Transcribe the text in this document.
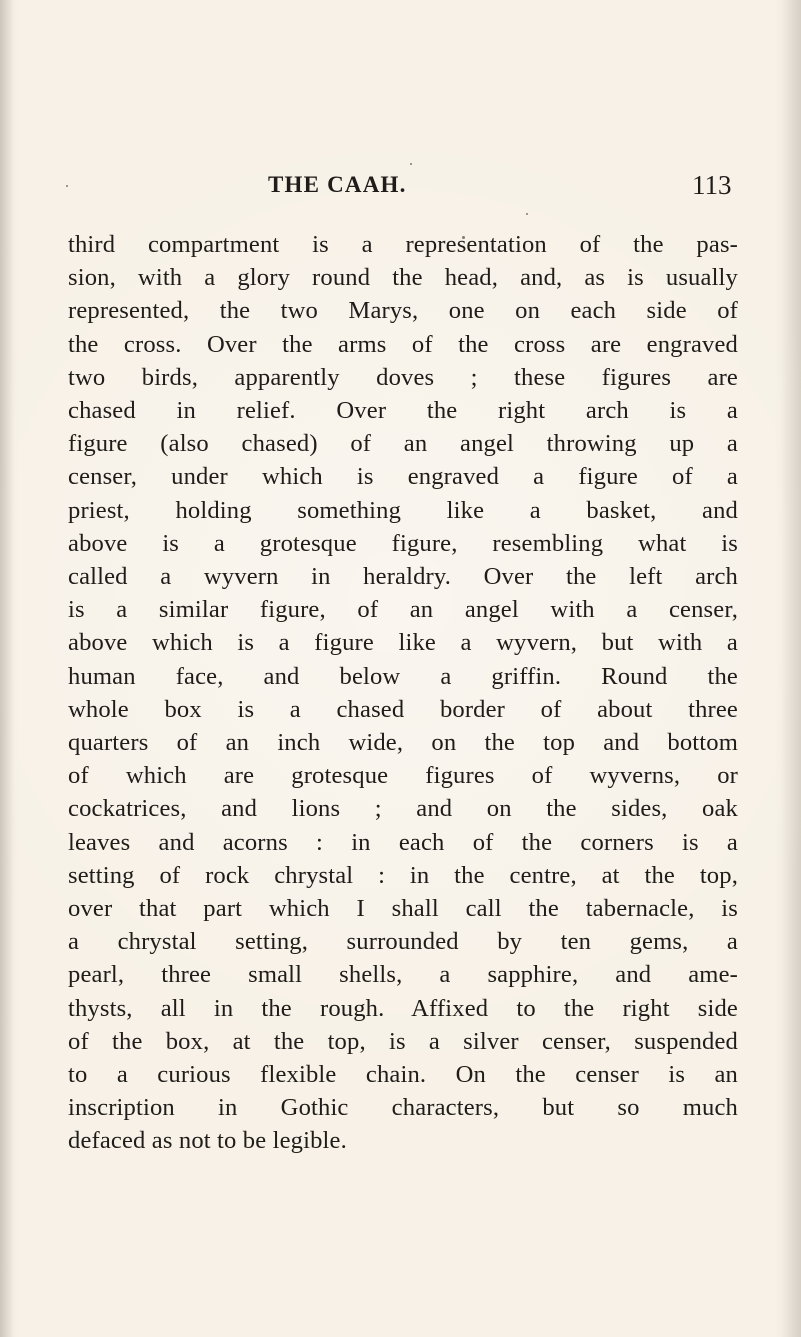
THE CAAH.	113
third compartment is a representation of the pas-
sion, with a glory round the head, and, as is usually
represented, the two Marys, one on each side of
the cross. Over the arms of the cross are engraved
two birds, apparently doves ; these figures are
chased in relief. Over the right arch is a
figure (also chased) of an angel throwing up a
censer, under which is engraved a figure of a
priest, holding something like a basket, and
above is a grotesque figure, resembling what is
called a wyvern in heraldry. Over the left arch
is a similar figure, of an angel with a censer,
above which is a figure like a wyvern, but with a
human face, and below a griffin. Round the
whole box is a chased border of about three
quarters of an inch wide, on the top and bottom
of which are grotesque figures of wyverns, or
cockatrices, and lions ; and on the sides, oak
leaves and acorns : in each of the corners is a
setting of rock chrystal : in the centre, at the top,
over that part which I shall call the tabernacle, is
a chrystal setting, surrounded by ten gems, a
pearl, three small shells, a sapphire, and ame-
thysts, all in the rough. Affixed to the right side
of the box, at the top, is a silver censer, suspended
to a curious flexible chain. On the censer is an
inscription in Gothic characters, but so much
defaced as not to be legible.
